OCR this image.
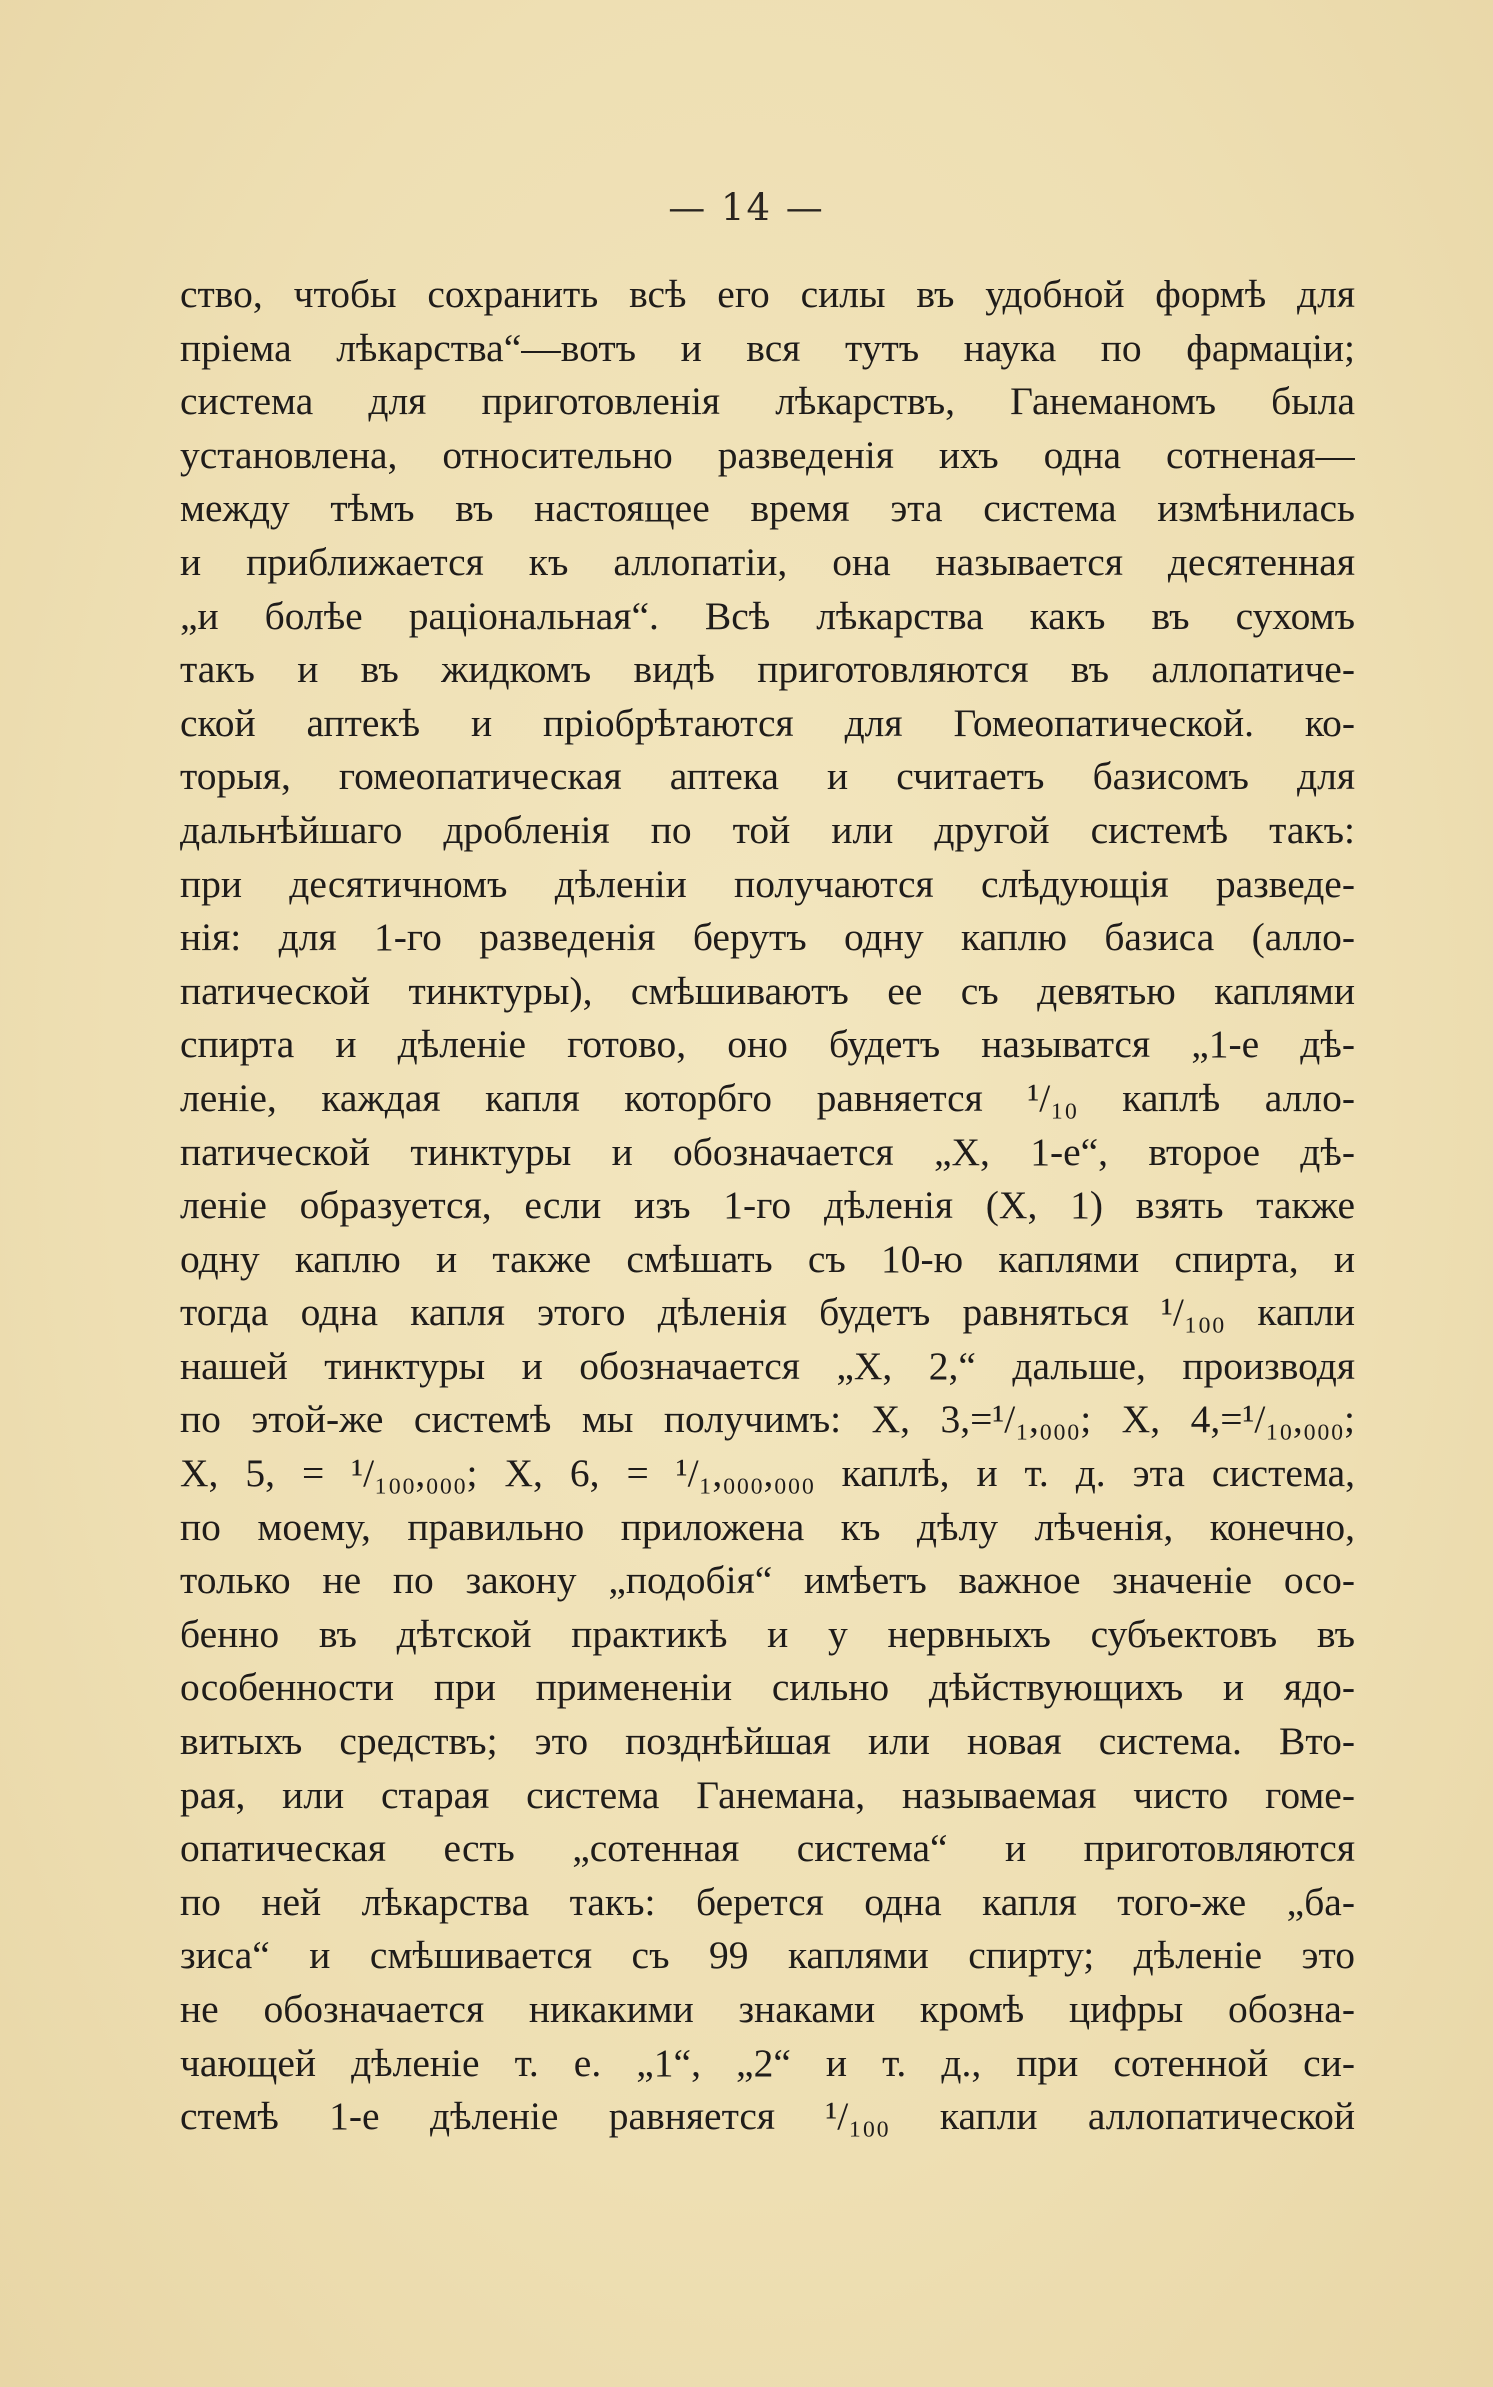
— 14 —
ство, чтобы сохранить всѣ его силы въ удобной формѣ для
пріема лѣкарства“—вотъ и вся тутъ наука по фармаціи;
система для приготовленія лѣкарствъ, Ганеманомъ была
установлена, относительно разведенія ихъ одна сотненая—
между тѣмъ въ настоящее время эта система измѣнилась
и приближается къ аллопатіи, она называется десятенная
„и болѣе раціональная“. Всѣ лѣкарства какъ въ сухомъ
такъ и въ жидкомъ видѣ приготовляются въ аллопатиче-
ской аптекѣ и пріобрѣтаются для Гомеопатической. ко-
торыя, гомеопатическая аптека и считаетъ базисомъ для
дальнѣйшаго дробленія по той или другой системѣ такъ:
при десятичномъ дѣленіи получаются слѣдующія разведе-
нія: для 1-го разведенія берутъ одну каплю базиса (алло-
патической тинктуры), смѣшиваютъ ее съ девятью каплями
спирта и дѣленіе готово, оно будетъ называтся „1-е дѣ-
леніе, каждая капля которбго равняется ¹/₁₀ каплѣ алло-
патической тинктуры и обозначается „X, 1-е“, второе дѣ-
леніе образуется, если изъ 1-го дѣленія (X, 1) взять также
одну каплю и также смѣшать съ 10-ю каплями спирта, и
тогда одна капля этого дѣленія будетъ равняться ¹/₁₀₀ капли
нашей тинктуры и обозначается „X, 2,“ дальше, производя
по этой-же системѣ мы получимъ: X, 3,=¹/₁,₀₀₀; X, 4,=¹/₁₀,₀₀₀;
X, 5, = ¹/₁₀₀,₀₀₀; X, 6, = ¹/₁,₀₀₀,₀₀₀ каплѣ, и т. д. эта система,
по моему, правильно приложена къ дѣлу лѣченія, конечно,
только не по закону „подобія“ имѣетъ важное значеніе осо-
бенно въ дѣтской практикѣ и у нервныхъ субъектовъ въ
особенности при примененіи сильно дѣйствующихъ и ядо-
витыхъ средствъ; это позднѣйшая или новая система. Вто-
рая, или старая система Ганемана, называемая чисто гоме-
опатическая есть „сотенная система“ и приготовляются
по ней лѣкарства такъ: берется одна капля того-же „ба-
зиса“ и смѣшивается съ 99 каплями спирту; дѣленіе это
не обозначается никакими знаками кромѣ цифры обозна-
чающей дѣленіе т. е. „1“, „2“ и т. д., при сотенной си-
стемѣ 1-е дѣленіе равняется ¹/₁₀₀ капли аллопатической
